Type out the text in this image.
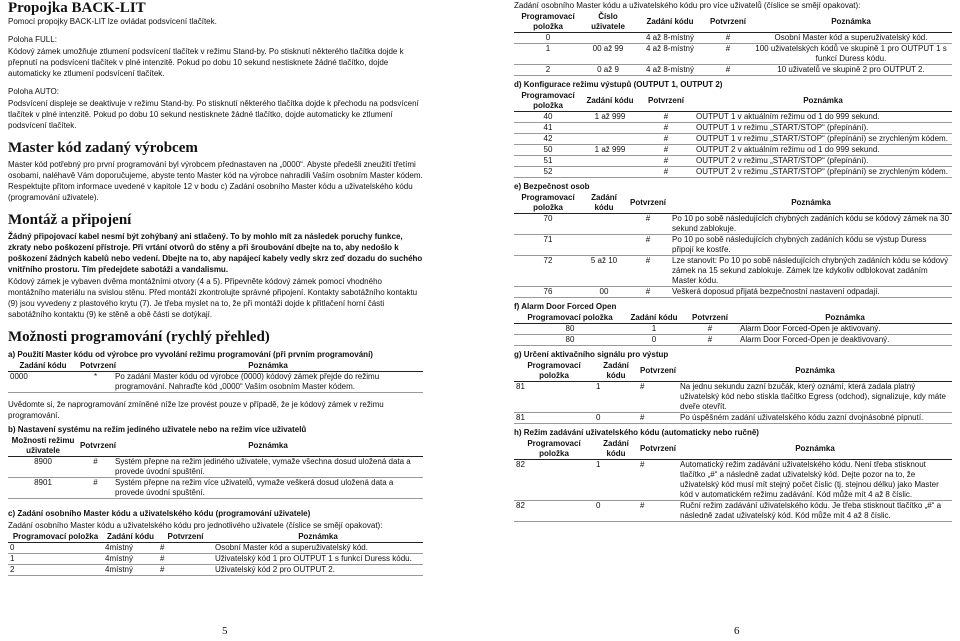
Propojka BACK-LIT

Pomocí propojky BACK-LIT lze ovládat podsvícení tlačítek.

Poloha FULL:

Kódový zámek umožňuje ztlumení podsvícení tlačítek v režimu Stand-by. Po stisknutí některého tlačítka dojde k přepnutí na podsvícení tlačítek v plné intenzitě. Pokud po dobu 10 sekund nestisknete žádné tlačítko, dojde automaticky ke ztlumení podsvícení tlačítek.

Poloha AUTO:

Podsvícení displeje se deaktivuje v režimu Stand-by. Po stisknutí některého tlačítka dojde k přechodu na podsvícení tlačítek v plné intenzitě. Pokud po dobu 10 sekund nestisknete žádné tlačítko, dojde automaticky ke ztlumení podsvícení tlačítek.

Master kód zadaný výrobcem

Master kód potřebný pro první programování byl výrobcem přednastaven na „0000“. Abyste předešli zneužití třetími osobami, naléhavě Vám doporučujeme, abyste tento Master kód na výrobce nahradili Vaším osobním Master kódem. Respektujte přitom informace uvedené v kapitole 12 v bodu c) Zadání osobního Master kódu a uživatelského kódu (programování uživatele).

Montáž a připojení

Žádný připojovací kabel nesmí být zohýbaný ani stlačený. To by mohlo mít za následek poruchy funkce, zkraty nebo poškození přístroje. Při vrtání otvorů do stěny a při šroubování dbejte na to, aby nedošlo k poškození žádných kabelů nebo vedení. Dbejte na to, aby napájecí kabely vedly skrz zeď dozadu do suchého vnitřního prostoru. Tím předejdete sabotáži a vandalismu.

Kódový zámek je vybaven dvěma montážními otvory (4 a 5). Připevněte kódový zámek pomocí vhodného montážního materiálu na svislou stěnu. Před montáží zkontrolujte správné připojení. Kontakty sabotážního kontaktu (9) jsou vyvedeny z plastového krytu (7). Je třeba myslet na to, že při montáži dojde k přitlačení horní části sabotážního kontaktu (9) ke stěně a obě části se dotýkají.

Možnosti programování (rychlý přehled)

a) Použití Master kódu od výrobce pro vyvolání režimu programování (při prvním programování)

Zadání kódu	Potvrzení	Poznámka
0000	*	Po zadání Master kódu od výrobce (0000) kódový zámek přejde do režimu programování. Nahraďte kód „0000“ Vaším osobním Master kódem.

Uvědomte si, že naprogramování zmíněné níže lze provést pouze v případě, že je kódový zámek v režimu programování.

b) Nastavení systému na režim jediného uživatele nebo na režim více uživatelů

Možnosti režimu uživatele	Potvrzení	Poznámka
8900	#	Systém přepne na režim jediného uživatele, vymaže všechna dosud uložená data a provede úvodní spuštění.
8901	#	Systém přepne na režim více uživatelů, vymaže veškerá dosud uložená data a provede úvodní spuštění.

c) Zadání osobního Master kódu a uživatelského kódu (programování uživatele)

Zadání osobního Master kódu a uživatelského kódu pro jednotlivého uživatele (číslice se smějí opakovat):

Programovací položka	Zadání kódu	Potvrzení	Poznámka
0	4místný	#	Osobní Master kód a superuživatelský kód.
1	4místný	#	Uživatelský kód 1 pro OUTPUT 1 s funkcí Duress kódu.
2	4místný	#	Uživatelský kód 2 pro OUTPUT 2.
5

Zadání osobního Master kódu a uživatelského kódu pro více uživatelů (číslice se smějí opakovat):

Programovací položka	Číslo uživatele	Zadání kódu	Potvrzení	Poznámka
0		4 až 8-místný	#	Osobní Master kód a superuživatelský kód.
1	00 až 99	4 až 8-místný	#	100 uživatelských kódů ve skupině 1 pro OUTPUT 1 s funkcí Duress kódu.
2	0 až 9	4 až 8-místný	#	10 uživatelů ve skupině 2 pro OUTPUT 2.

d) Konfigurace režimu výstupů (OUTPUT 1, OUTPUT 2)

Programovací položka	Zadání kódu	Potvrzení	Poznámka
40	1 až 999	#	OUTPUT 1 v aktuálním režimu od 1 do 999 sekund.
41		#	OUTPUT 1 v režimu „START/STOP“ (přepínání).
42		#	OUTPUT 1 v režimu „START/STOP“ (přepínání) se zrychleným kódem.
50	1 až 999	#	OUTPUT 2 v aktuálním režimu od 1 do 999 sekund.
51		#	OUTPUT 2 v režimu „START/STOP“ (přepínání).
52		#	OUTPUT 2 v režimu „START/STOP“ (přepínání) se zrychleným kódem.

e) Bezpečnost osob

Programovací položka	Zadání kódu	Potvrzení	Poznámka
70		#	Po 10 po sobě následujících chybných zadáních kódu se kódový zámek na 30 sekund zablokuje.
71		#	Po 10 po sobě následujících chybných zadáních kódu se výstup Duress připojí ke kostře.
72	5 až 10	#	Lze stanovit: Po 10 po sobě následujících chybných zadáních kódu se kódový zámek na 15 sekund zablokuje. Zámek lze kdykoliv odblokovat zadáním Master kódu.
76	00	#	Veškerá doposud přijatá bezpečnostní nastavení odpadají.

f) Alarm Door Forced Open

Programovací položka	Zadání kódu	Potvrzení	Poznámka
80	1	#	Alarm Door Forced-Open je aktivovaný.
80	0	#	Alarm Door Forced-Open je deaktivovaný.

g) Určení aktivačního signálu pro výstup

Programovací položka	Zadání kódu	Potvrzení	Poznámka
81	1	#	Na jednu sekundu zazní bzučák, který oznámí, která zadala platný uživatelský kód nebo stiskla tlačítko Egress (odchod), signalizuje, kdy máte dveře otevřít.
81	0	#	Po úspěšném zadání uživatelského kódu zazní dvojnásobné pípnutí.

h) Režim zadávání uživatelského kódu (automaticky nebo ručně)

Programovací položka	Zadání kódu	Potvrzení	Poznámka
82	1	#	Automatický režim zadávání uživatelského kódu. Není třeba stisknout tlačítko „#“ a následně zadat uživatelský kód. Dejte pozor na to, že uživatelský kód musí mít stejný počet číslic (tj. stejnou délku) jako Master kód v automatickém režimu zadávání. Kód může mít 4 až 8 číslic.
82	0	#	Ruční režim zadávání uživatelského kódu. Je třeba stisknout tlačítko „#“ a následně zadat uživatelský kód. Kód může mít 4 až 8 číslic.
6
